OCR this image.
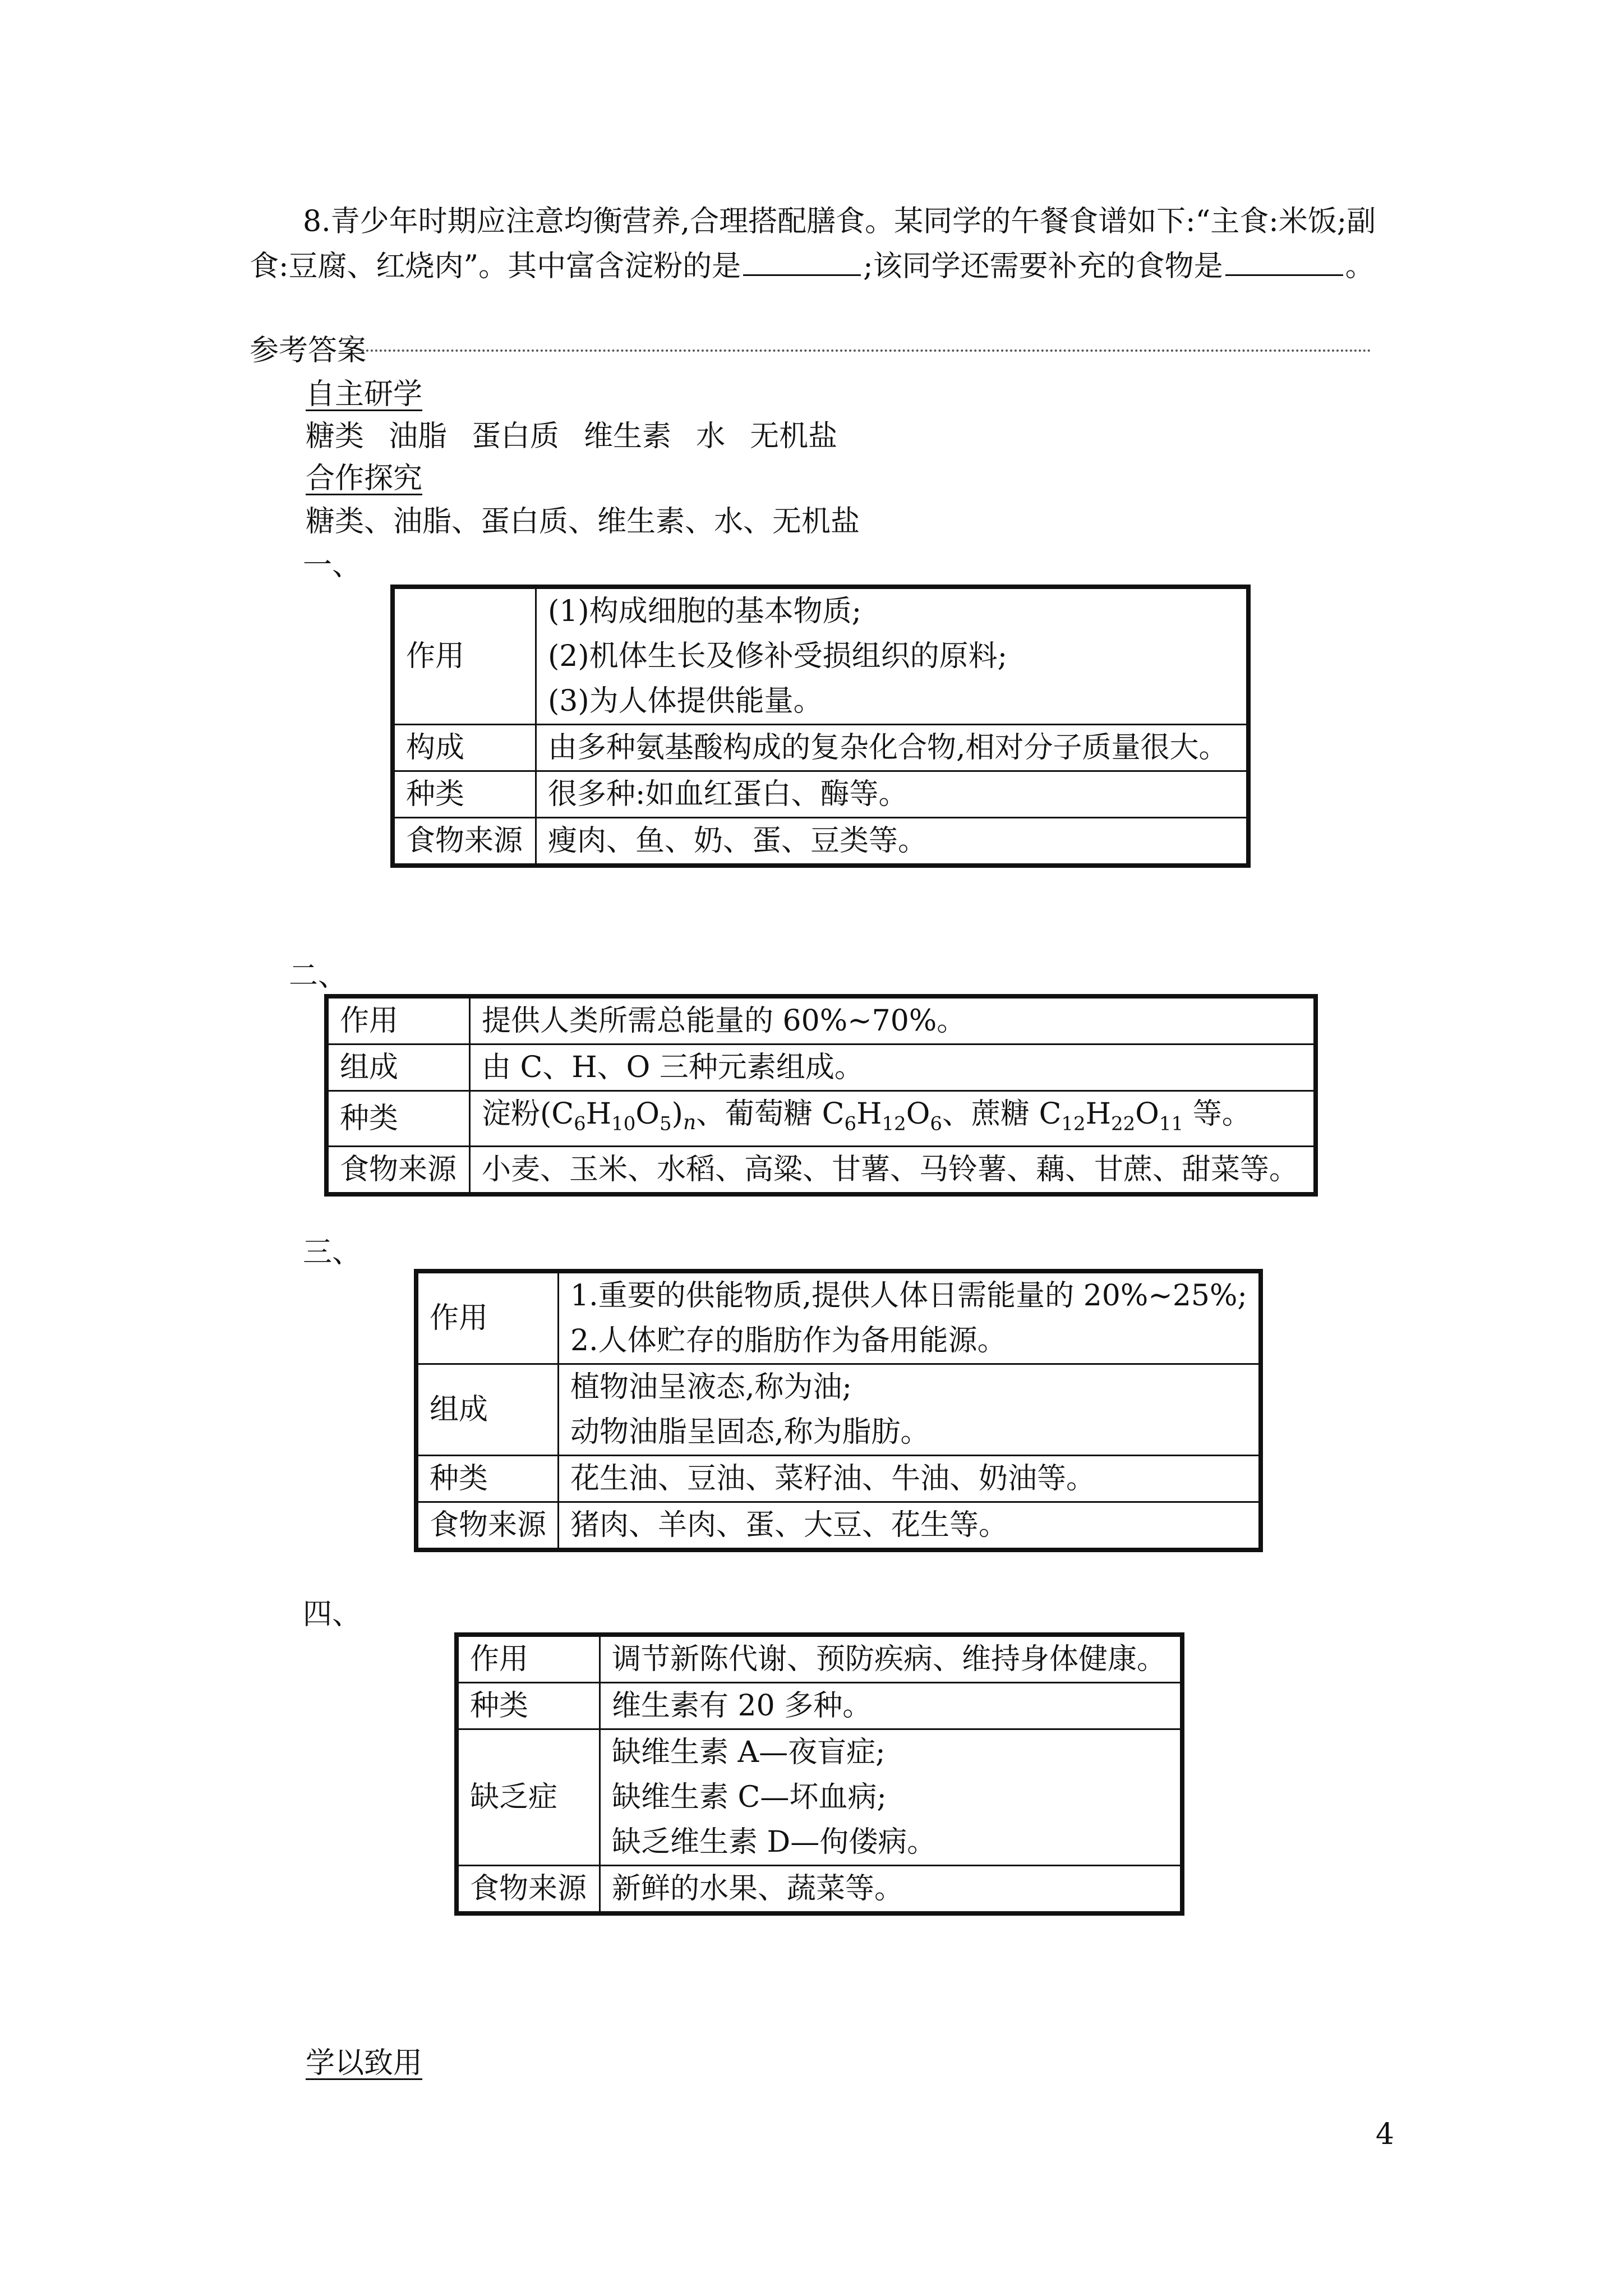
8.青少年时期应注意均衡营养,合理搭配膳食。某同学的午餐食谱如下:“主食:米饭;副
食:豆腐、红烧肉”。其中富含淀粉的是	;该同学还需要补充的食物是	。
参考答案
自主研学
糖类 油脂 蛋白质 维生素 水 无机盐
合作探究
糖类、油脂、蛋白质、维生素、水、无机盐
一、
作用	(1)构成细胞的基本物质;
(2)机体生长及修补受损组织的原料;
(3)为人体提供能量。

构成	由多种氨基酸构成的复杂化合物,相对分子质量很大。
种类	很多种:如血红蛋白、酶等。
食物来源	瘦肉、鱼、奶、蛋、豆类等。
二、
作用	提供人类所需总能量的 60%~70%。
组成	由 C、H、O 三种元素组成。
种类	淀粉$(C_6H_{10}O_5)n$、葡萄糖 $C_6H_{12}O_6$、蔗糖 $C_{12}H_{22}O_{11}$ 等。
食物来源	小麦、玉米、水稻、高粱、甘薯、马铃薯、藕、甘蔗、甜菜等。
三、
作用	1.重要的供能物质,提供人体日需能量的 20%~25%;
2.人体贮存的脂肪作为备用能源。

组成	植物油呈液态,称为油;
动物油脂呈固态,称为脂肪。

种类	花生油、豆油、菜籽油、牛油、奶油等。
食物来源	猪肉、羊肉、蛋、大豆、花生等。
四、
作用	调节新陈代谢、预防疾病、维持身体健康。
种类	维生素有 20 多种。
缺乏症	缺维生素 A—夜盲症;
缺维生素 C—坏血病;
缺乏维生素 D—佝偻病。

食物来源	新鲜的水果、蔬菜等。
学以致用
4
